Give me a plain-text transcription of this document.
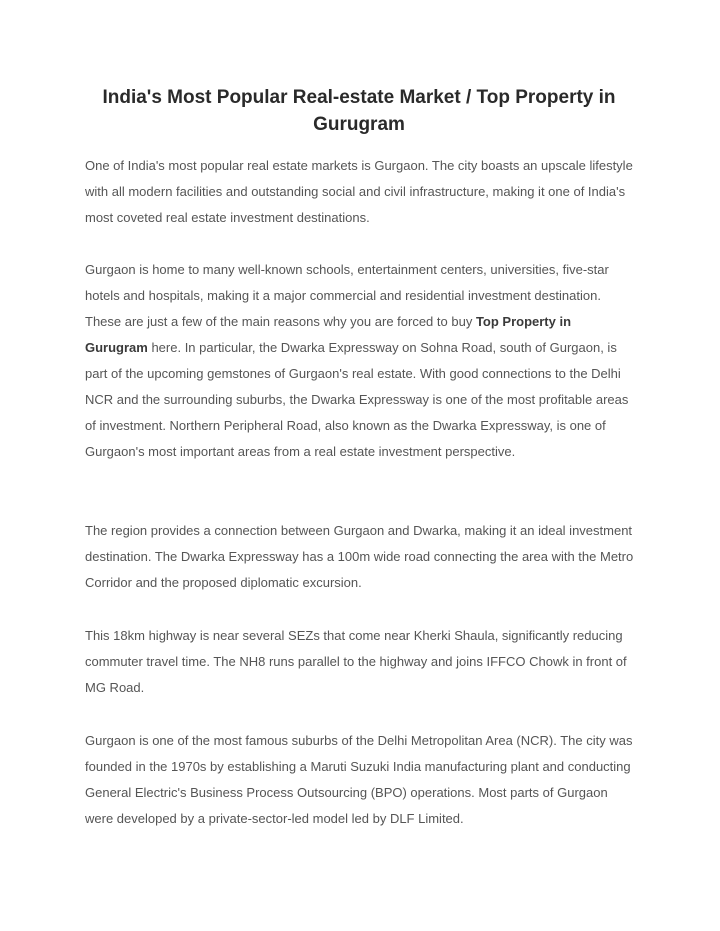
India's Most Popular Real-estate Market / Top Property in Gurugram

One of India's most popular real estate markets is Gurgaon. The city boasts an upscale lifestyle with all modern facilities and outstanding social and civil infrastructure, making it one of India's most coveted real estate investment destinations.

Gurgaon is home to many well-known schools, entertainment centers, universities, five-star hotels and hospitals, making it a major commercial and residential investment destination. These are just a few of the main reasons why you are forced to buy Top Property in Gurugram here. In particular, the Dwarka Expressway on Sohna Road, south of Gurgaon, is part of the upcoming gemstones of Gurgaon's real estate. With good connections to the Delhi NCR and the surrounding suburbs, the Dwarka Expressway is one of the most profitable areas of investment. Northern Peripheral Road, also known as the Dwarka Expressway, is one of Gurgaon's most important areas from a real estate investment perspective.

The region provides a connection between Gurgaon and Dwarka, making it an ideal investment destination. The Dwarka Expressway has a 100m wide road connecting the area with the Metro Corridor and the proposed diplomatic excursion.

This 18km highway is near several SEZs that come near Kherki Shaula, significantly reducing commuter travel time. The NH8 runs parallel to the highway and joins IFFCO Chowk in front of MG Road.

Gurgaon is one of the most famous suburbs of the Delhi Metropolitan Area (NCR). The city was founded in the 1970s by establishing a Maruti Suzuki India manufacturing plant and conducting General Electric's Business Process Outsourcing (BPO) operations. Most parts of Gurgaon were developed by a private-sector-led model led by DLF Limited.
